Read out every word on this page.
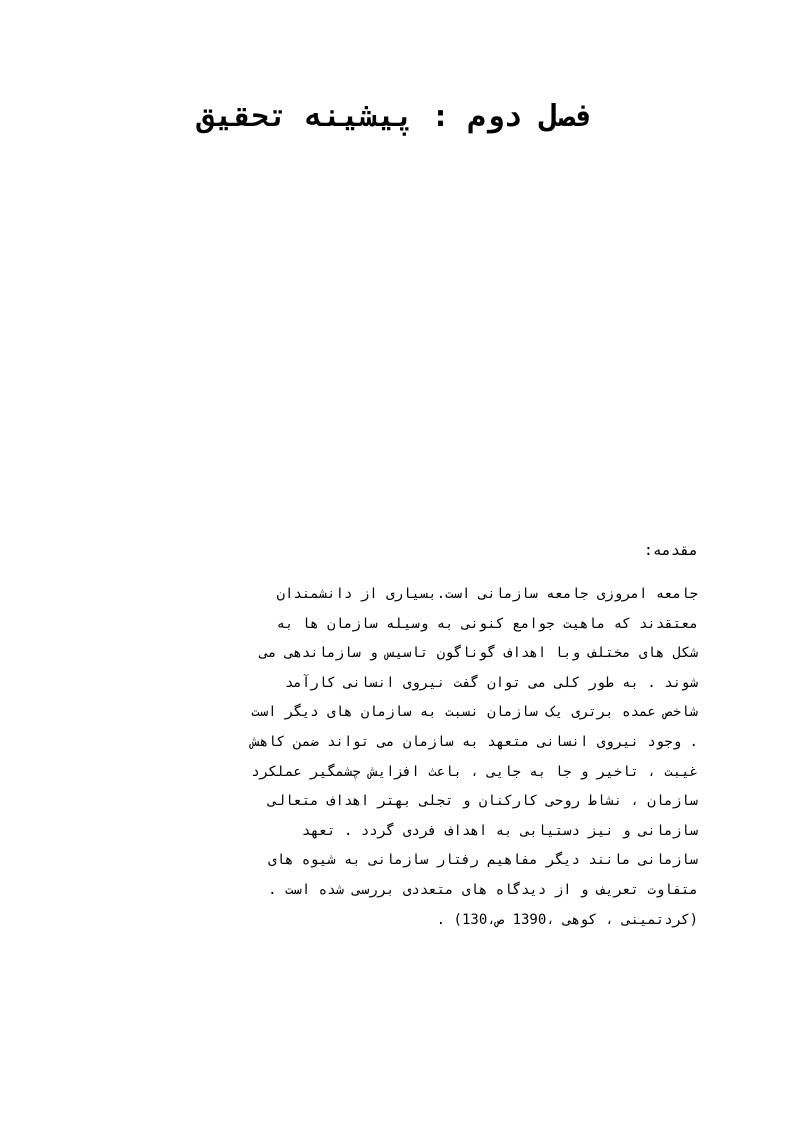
فصل دوم : پیشینه تحقیق
مقدمه:
جامعه امروزی جامعه سازمانی است.بسیاری از دانشمندان
معتقدند که ماهیت جوامع کنونی به وسیله سازمان ها به
شکل های مختلف وبا اهداف گوناگون تاسیس و سازماندهی می
شوند . به طور کلی می توان گفت نیروی انسانی کارآمد
شاخص عمده برتری یک سازمان نسبت به سازمان های دیگر است
. وجود نیروی انسانی متعهد به سازمان می تواند ضمن کاهش
غیبت ، تاخیر و جا به جایی ، باعث افزایش چشمگیر عملکرد
سازمان ، نشاط روحی کارکنان و تجلی بهتر اهداف متعالی
سازمانی و نیز دستیابی به اهداف فردی گردد . تعهد
سازمانی مانند دیگر مفاهیم رفتار سازمانی به شیوه های
متفاوت تعریف و از دیدگاه های متعددی بررسی شده است .
(کردتمینی ، کوهی ،1390 ص،130) .
